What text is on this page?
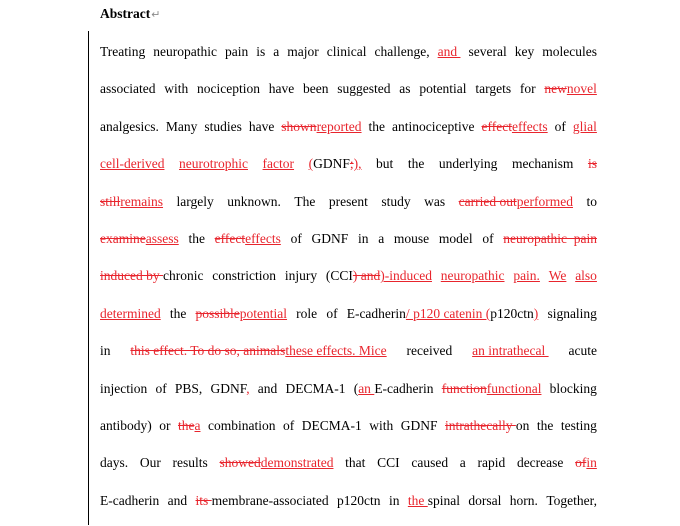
Abstract↵
Treating neuropathic pain is a major clinical challenge, and several key molecules
associated with nociception have been suggested as potential targets for newnovel
analgesics. Many studies have shownreported the antinociceptive effecteffects of glial
cell-derived neurotrophic factor (GDNF;), but the underlying mechanism is
stillremains largely unknown. The present study was carried outperformed to
examineassess the effecteffects of GDNF in a mouse model of neuropathic  pain
induced by chronic constriction injury (CCI) and)-induced neuropathic pain. We also
determined the possiblepotential role of E-cadherin/ p120 catenin (p120ctn) signaling
in this effect. To do so, animalsthese effects. Mice received an intrathecal acute
injection of PBS, GDNF, and DECMA-1 (an E-cadherin functionfunctional blocking
antibody) or thea combination of DECMA-1 with GDNF intrathecally on the testing
days. Our results showeddemonstrated that CCI caused a rapid decrease ofin
E-cadherin and its membrane-associated p120ctn in the spinal dorsal horn. Together,
